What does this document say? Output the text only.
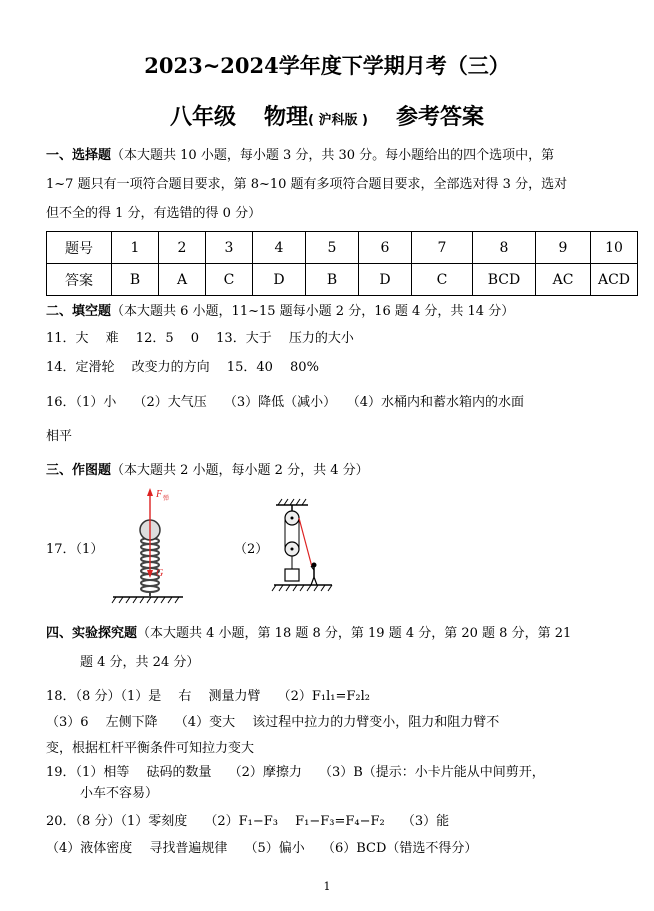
2023~2024学年度下学期月考（三）
八年级 物理( 沪科版 ) 参考答案
一、选择题（本大题共 10 小题，每小题 3 分，共 30 分。每小题给出的四个选项中，第
1~7 题只有一项符合题目要求，第 8~10 题有多项符合题目要求，全部选对得 3 分，选对
但不全的得 1 分，有选错的得 0 分）
题号	1	2	3	4	5	6	7	8	9	10
答案	B	A	C	D	B	D	C	BCD	AC	ACD
二、填空题（本大题共 6 小题，11~15 题每小题 2 分，16 题 4 分，共 14 分）
11．大　 难　 12．5　 0　 13．大于　 压力的大小
14．定滑轮　 改变力的方向　 15．40　 80%
16．（1）小　 （2）大气压　 （3）降低（减小）　 （4）水桶内和蓄水箱内的水面
相平
三、作图题（本大题共 2 小题，每小题 2 分，共 4 分）
17．（1）	（2）
F 弹
G
四、实验探究题（本大题共 4 小题，第 18 题 8 分，第 19 题 4 分，第 20 题 8 分，第 21
题 4 分，共 24 分）
18．（8 分）（1）是　 右　 测量力臂　 （2）F₁l₁=F₂l₂
（3）6　 左侧下降　 （4）变大　 该过程中拉力的力臂变小，阻力和阻力臂不
变，根据杠杆平衡条件可知拉力变大
19．（1）相等　 砝码的数量　 （2）摩擦力　 （3）B（提示：小卡片能从中间剪开，
小车不容易）
20．（8 分）（1）零刻度　 （2）F₁−F₃　 F₁−F₃=F₄−F₂　 （3）能
（4）液体密度　 寻找普遍规律　 （5）偏小　 （6）BCD（错选不得分）
1
